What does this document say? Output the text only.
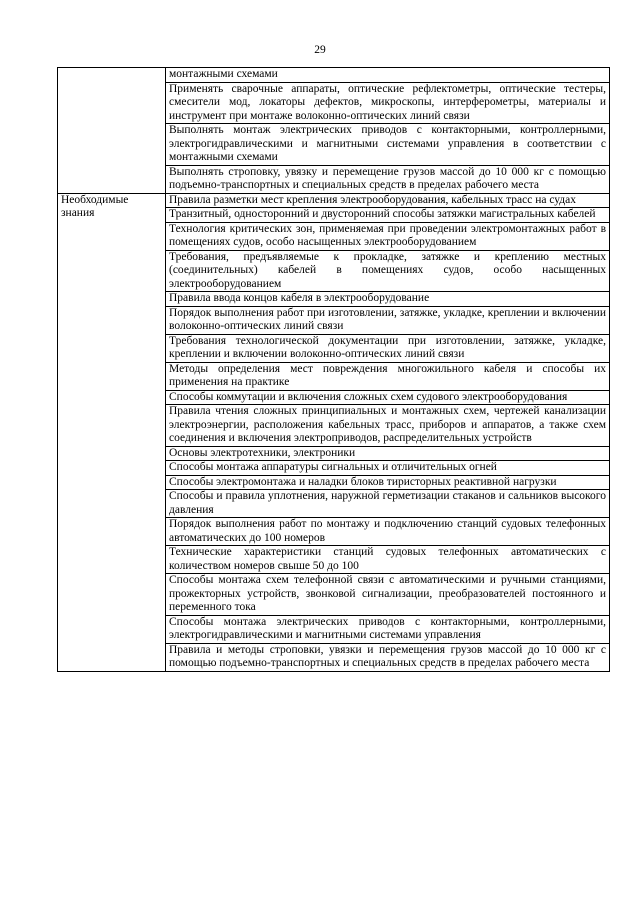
29
	монтажными схемами
	Применять сварочные аппараты, оптические рефлектометры, оптические тестеры, смесители мод, локаторы дефектов, микроскопы, интерферометры, материалы и инструмент при монтаже волоконно-оптических линий связи
	Выполнять монтаж электрических приводов с контакторными, контроллерными, электрогидравлическими и магнитными системами управления в соответствии с монтажными схемами
	Выполнять строповку, увязку и перемещение грузов массой до 10 000 кг с помощью подъемно-транспортных и специальных средств в пределах рабочего места
Необходимые знания	Правила разметки мест крепления электрооборудования, кабельных трасс на судах
	Транзитный, односторонний и двусторонний способы затяжки магистральных кабелей
	Технология критических зон, применяемая при проведении электромонтажных работ в помещениях судов, особо насыщенных электрооборудованием
	Требования, предъявляемые к прокладке, затяжке и креплению местных (соединительных) кабелей в помещениях судов, особо насыщенных электрооборудованием
	Правила ввода концов кабеля в электрооборудование
	Порядок выполнения работ при изготовлении, затяжке, укладке, креплении и включении волоконно-оптических линий связи
	Требования технологической документации при изготовлении, затяжке, укладке, креплении и включении волоконно-оптических линий связи
	Методы определения мест повреждения многожильного кабеля и способы их применения на практике
	Способы коммутации и включения сложных схем судового электрооборудования
	Правила чтения сложных принципиальных и монтажных схем, чертежей канализации электроэнергии, расположения кабельных трасс, приборов и аппаратов, а также схем соединения и включения электроприводов, распределительных устройств
	Основы электротехники, электроники
	Способы монтажа аппаратуры сигнальных и отличительных огней
	Способы электромонтажа и наладки блоков тиристорных реактивной нагрузки
	Способы и правила уплотнения, наружной герметизации стаканов и сальников высокого давления
	Порядок выполнения работ по монтажу и подключению станций судовых телефонных автоматических до 100 номеров
	Технические характеристики станций судовых телефонных автоматических с количеством номеров свыше 50 до 100
	Способы монтажа схем телефонной связи с автоматическими и ручными станциями, прожекторных устройств, звонковой сигнализации, преобразователей постоянного и переменного тока
	Способы монтажа электрических приводов с контакторными, контроллерными, электрогидравлическими и магнитными системами управления
	Правила и методы строповки, увязки и перемещения грузов массой до 10 000 кг с помощью подъемно-транспортных и специальных средств в пределах рабочего места
